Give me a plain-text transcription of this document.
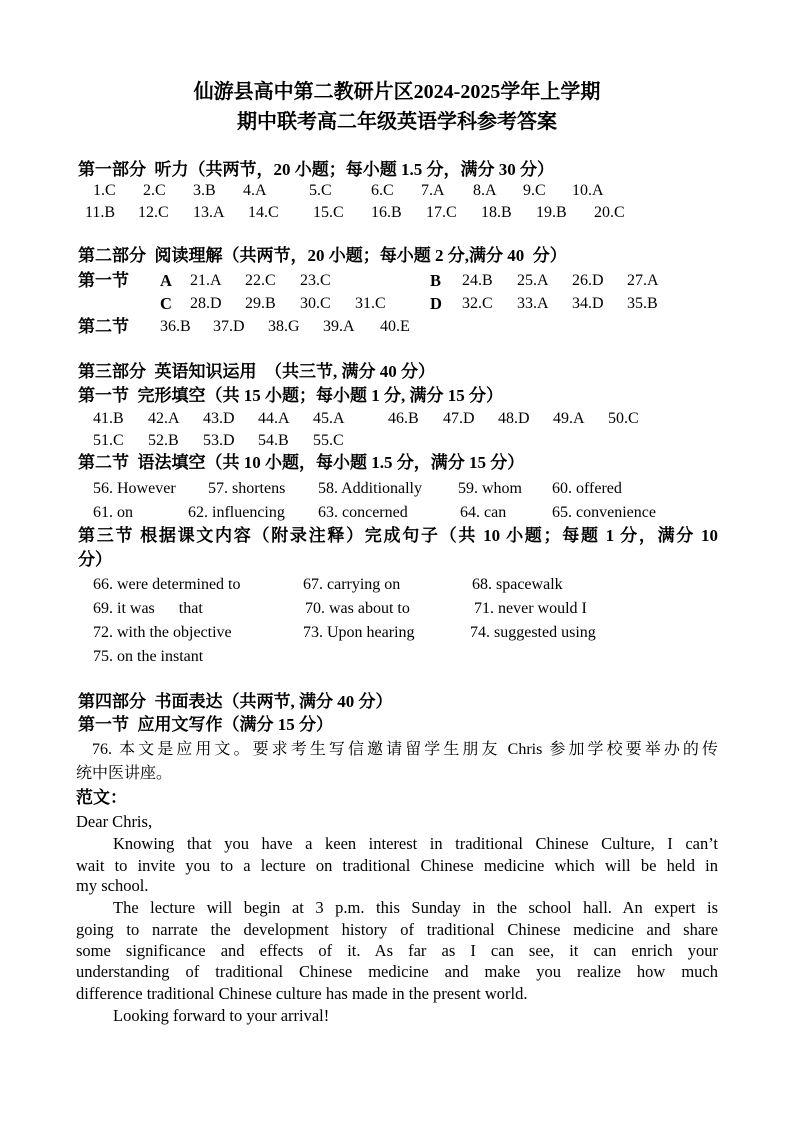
仙游县高中第二教研片区2024-2025学年上学期
期中联考高二年级英语学科参考答案
第一部分  听力（共两节，20 小题；每小题 1.5 分，满分 30 分）
1.C 2.C 3.B 4.A	5.C 6.C 7.A 8.A 9.C 10.A
11.B 12.C 13.A 14.C 15.C 16.B 17.C 18.B 19.B 20.C
第二部分  阅读理解（共两节，20 小题；每小题 2 分,满分 40  分）
第一节 A 21.A 22.C 23.C	B 24.B 25.A 26.D 27.A
C 28.D 29.B 30.C 31.C	D 32.C 33.A 34.D 35.B
第二节 36.B 37.D 38.G 39.A 40.E
第三部分  英语知识运用  （共三节, 满分 40 分）
第一节  完形填空（共 15 小题；每小题 1 分, 满分 15 分）
41.B 42.A 43.D 44.A 45.A	46.B 47.D 48.D 49.A 50.C
51.C 52.B 53.D 54.B 55.C
第二节  语法填空（共 10 小题，每小题 1.5 分，满分 15 分）
56. However 57. shortens 58. Additionally 59. whom 60. offered
61. on	62. influencing 63. concerned	64. can	65. convenience
第三节 根据课文内容（附录注释）完成句子（共 10 小题；每题 1 分，满分 10
分）
66. were determined to	67. carrying on	68. spacewalk
69. it was      that	70. was about to	71. never would I
72. with the objective	73. Upon hearing	74. suggested using
75. on the instant
第四部分  书面表达（共两节, 满分 40 分）
第一节  应用文写作（满分 15 分）
76. 本文是应用文。要求考生写信邀请留学生朋友 Chris 参加学校要举办的传
统中医讲座。
范文：
Dear Chris,
Knowing that you have a keen interest in traditional Chinese Culture, I can’t
wait to invite you to a lecture on traditional Chinese medicine which will be held in
my school.
The lecture will begin at 3 p.m. this Sunday in the school hall. An expert is
going to narrate the development history of traditional Chinese medicine and share
some significance and effects of it. As far as I can see, it can enrich your
understanding of traditional Chinese medicine and make you realize how much
difference traditional Chinese culture has made in the present world.
Looking forward to your arrival!
